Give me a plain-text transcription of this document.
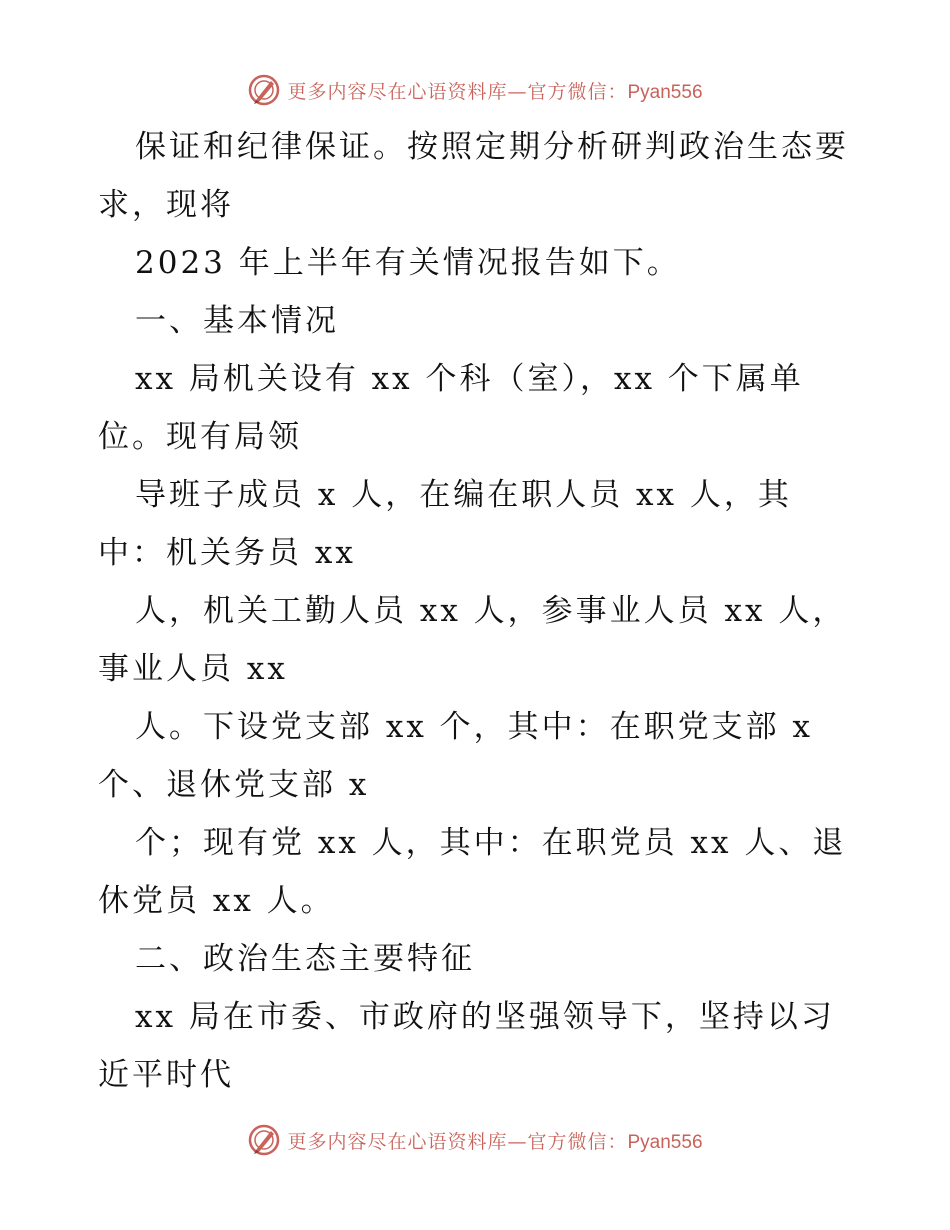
更多内容尽在心语资料库—官方微信：Pyan556
保证和纪律保证。按照定期分析研判政治生态要
求，现将
2023 年上半年有关情况报告如下。
一、基本情况
xx 局机关设有 xx 个科（室），xx 个下属单
位。现有局领
导班子成员 x 人，在编在职人员 xx 人，其
中：机关务员 xx
人，机关工勤人员 xx 人，参事业人员 xx 人，
事业人员 xx
人。下设党支部 xx 个，其中：在职党支部 x
个、退休党支部 x
个；现有党 xx 人，其中：在职党员 xx 人、退
休党员 xx 人。
二、政治生态主要特征
xx 局在市委、市政府的坚强领导下，坚持以习
近平时代
更多内容尽在心语资料库—官方微信：Pyan556
